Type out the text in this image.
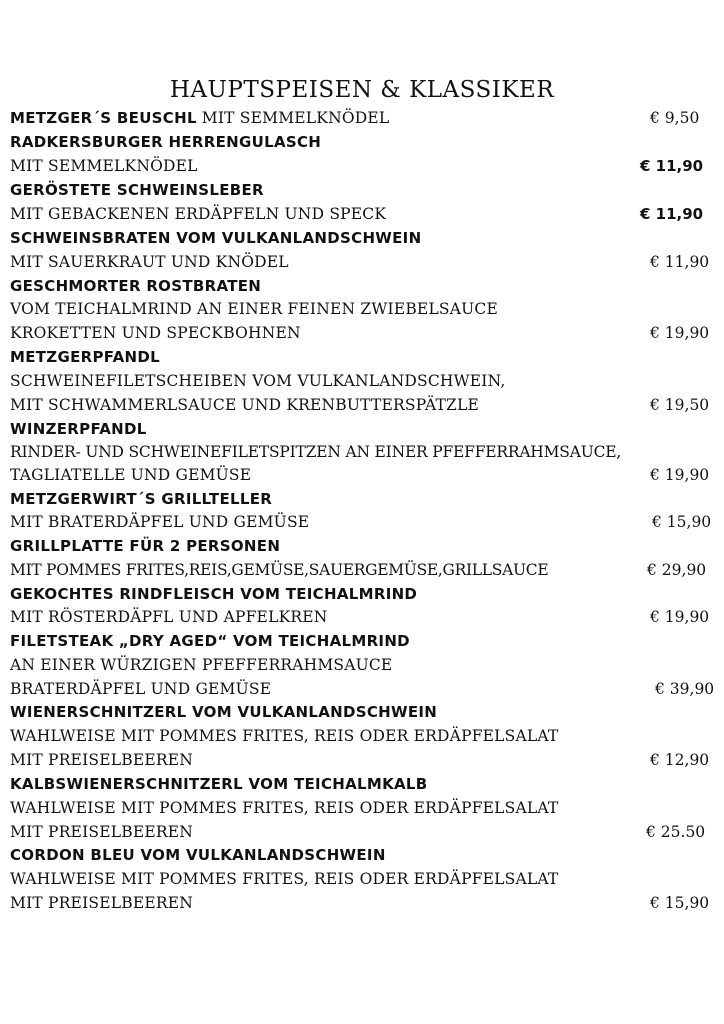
HAUPTSPEISEN & KLASSIKER
METZGER´S BEUSCHL MIT SEMMELKNÖDEL	€ 9,50
RADKERSBURGER HERRENGULASCH
MIT SEMMELKNÖDEL	€ 11,90
GERÖSTETE SCHWEINSLEBER
MIT GEBACKENEN ERDÄPFELN UND SPECK	€ 11,90
SCHWEINSBRATEN VOM VULKANLANDSCHWEIN
MIT SAUERKRAUT UND KNÖDEL	€ 11,90
GESCHMORTER ROSTBRATEN
VOM TEICHALMRIND AN EINER FEINEN ZWIEBELSAUCE
KROKETTEN UND SPECKBOHNEN	€ 19,90
METZGERPFANDL
SCHWEINEFILETSCHEIBEN VOM VULKANLANDSCHWEIN,
MIT SCHWAMMERLSAUCE UND KRENBUTTERSPÄTZLE	€ 19,50
WINZERPFANDL
RINDER- UND SCHWEINEFILETSPITZEN AN EINER PFEFFERRAHMSAUCE,
TAGLIATELLE UND GEMÜSE	€ 19,90
METZGERWIRT´S GRILLTELLER
MIT BRATERDÄPFEL UND GEMÜSE	€ 15,90
GRILLPLATTE FÜR 2 PERSONEN
MIT POMMES FRITES,REIS,GEMÜSE,SAUERGEMÜSE,GRILLSAUCE	€ 29,90
GEKOCHTES RINDFLEISCH VOM TEICHALMRIND
MIT RÖSTERDÄPFL UND APFELKREN	€ 19,90
FILETSTEAK „DRY AGED“ VOM TEICHALMRIND
AN EINER WÜRZIGEN PFEFFERRAHMSAUCE
BRATERDÄPFEL UND GEMÜSE	€ 39,90
WIENERSCHNITZERL VOM VULKANLANDSCHWEIN
WAHLWEISE MIT POMMES FRITES, REIS ODER ERDÄPFELSALAT
MIT PREISELBEEREN	€ 12,90
KALBSWIENERSCHNITZERL VOM TEICHALMKALB
WAHLWEISE MIT POMMES FRITES, REIS ODER ERDÄPFELSALAT
MIT PREISELBEEREN	€ 25.50
CORDON BLEU VOM VULKANLANDSCHWEIN
WAHLWEISE MIT POMMES FRITES, REIS ODER ERDÄPFELSALAT
MIT PREISELBEEREN	€ 15,90
